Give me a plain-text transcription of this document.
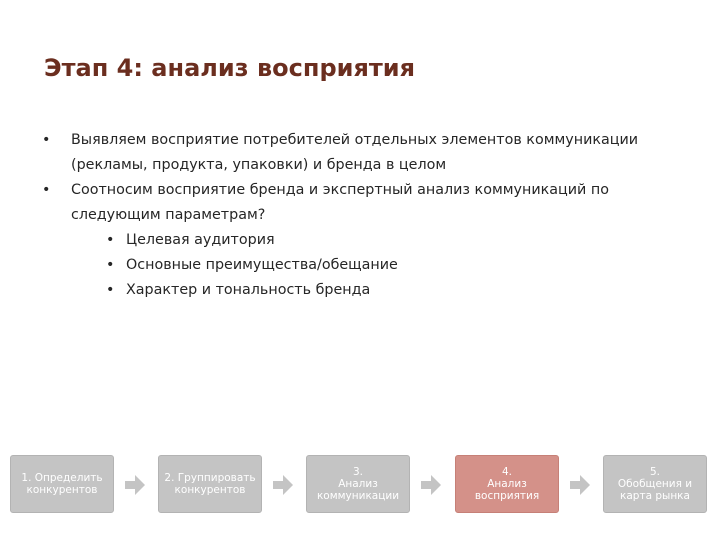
Этап 4: анализ восприятия
• Выявляем восприятие потребителей отдельных элементов коммуникации (рекламы, продукта, упаковки) и бренда в целом
• Соотносим восприятие бренда и экспертный анализ коммуникаций по следующим параметрам?
• Целевая аудитория
• Основные преимущества/обещание
• Характер и тональность бренда
1. Определить
конкурентов
2. Группировать
конкурентов
3.
Анализ
коммуникации
4.
Анализ
восприятия
5.
Обобщения и
карта рынка
